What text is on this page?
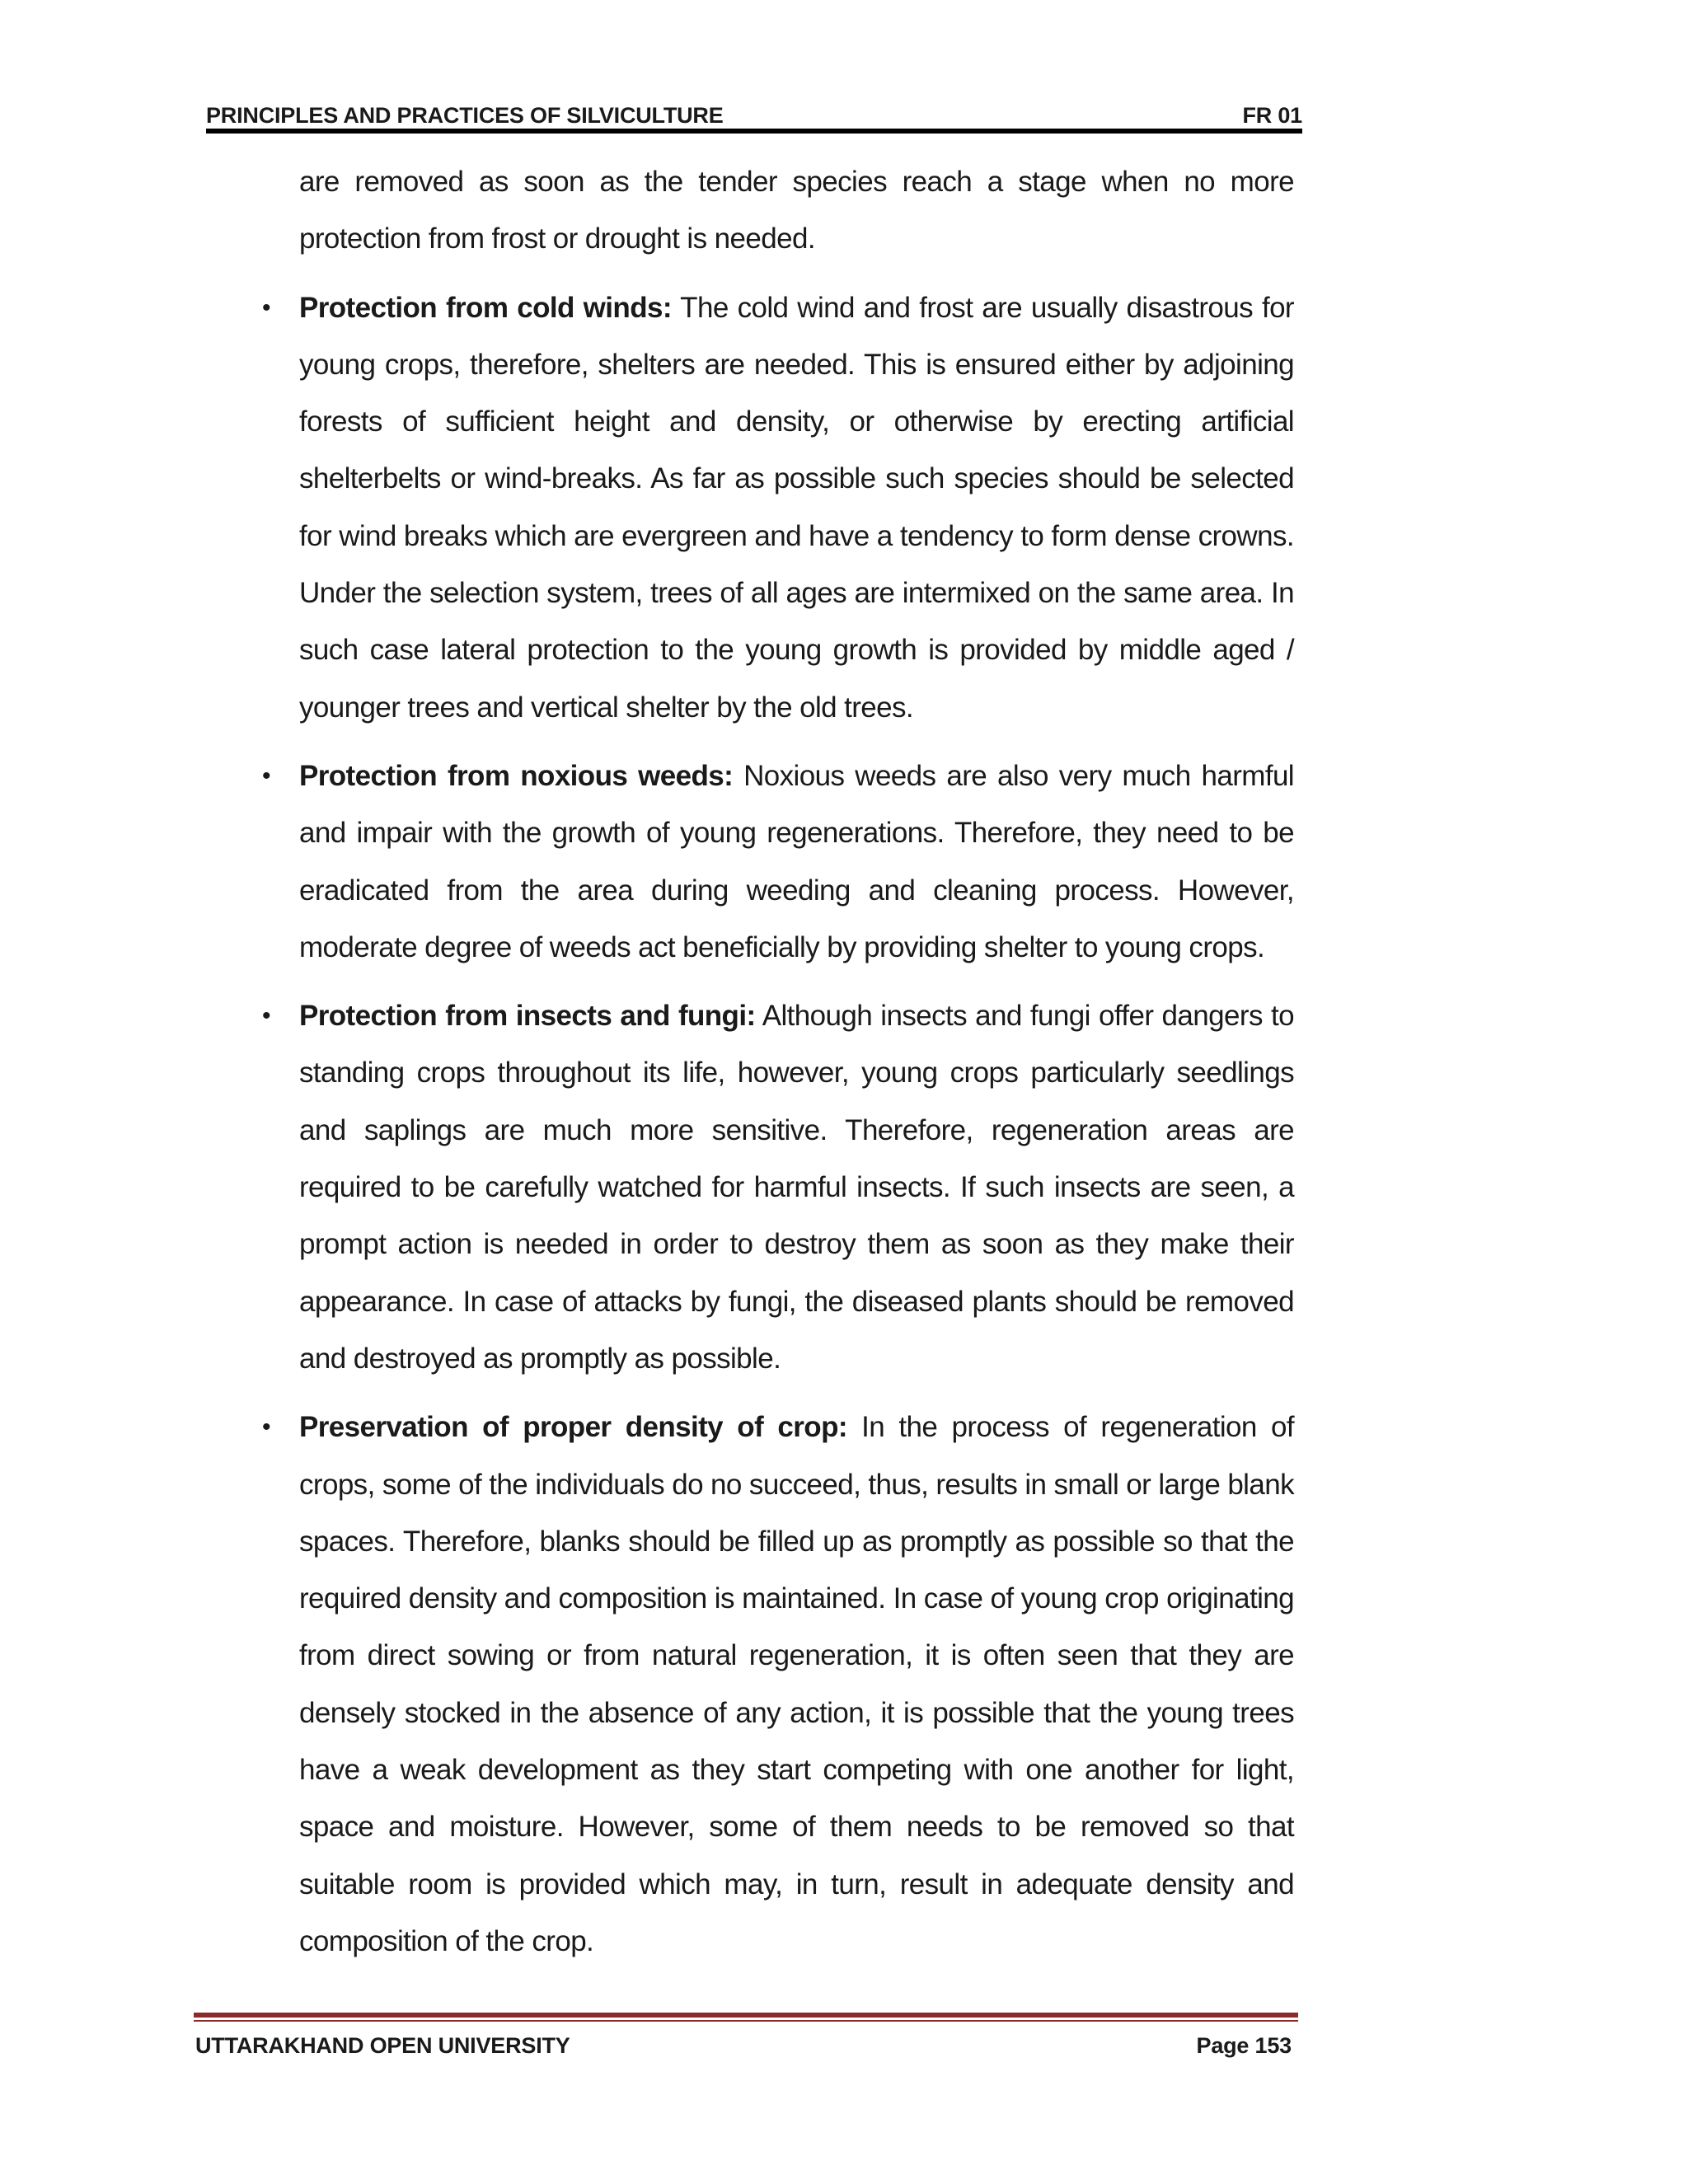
PRINCIPLES AND PRACTICES OF SILVICULTURE	FR 01

are removed as soon as the tender species reach a stage when no more protection from frost or drought is needed.

•	Protection from cold winds: The cold wind and frost are usually disastrous for young crops, therefore, shelters are needed. This is ensured either by adjoining forests of sufficient height and density, or otherwise by erecting artificial shelterbelts or wind-breaks. As far as possible such species should be selected for wind breaks which are evergreen and have a tendency to form dense crowns. Under the selection system, trees of all ages are intermixed on the same area. In such case lateral protection to the young growth is provided by middle aged / younger trees and vertical shelter by the old trees.
•	Protection from noxious weeds: Noxious weeds are also very much harmful and impair with the growth of young regenerations. Therefore, they need to be eradicated from the area during weeding and cleaning process. However, moderate degree of weeds act beneficially by providing shelter to young crops.
•	Protection from insects and fungi: Although insects and fungi offer dangers to standing crops throughout its life, however, young crops particularly seedlings and saplings are much more sensitive. Therefore, regeneration areas are required to be carefully watched for harmful insects. If such insects are seen, a prompt action is needed in order to destroy them as soon as they make their appearance. In case of attacks by fungi, the diseased plants should be removed and destroyed as promptly as possible.
•	Preservation of proper density of crop: In the process of regeneration of crops, some of the individuals do no succeed, thus, results in small or large blank spaces. Therefore, blanks should be filled up as promptly as possible so that the required density and composition is maintained. In case of young crop originating from direct sowing or from natural regeneration, it is often seen that they are densely stocked in the absence of any action, it is possible that the young trees have a weak development as they start competing with one another for light, space and moisture. However, some of them needs to be removed so that suitable room is provided which may, in turn, result in adequate density and composition of the crop.
UTTARAKHAND OPEN UNIVERSITY	Page 153
